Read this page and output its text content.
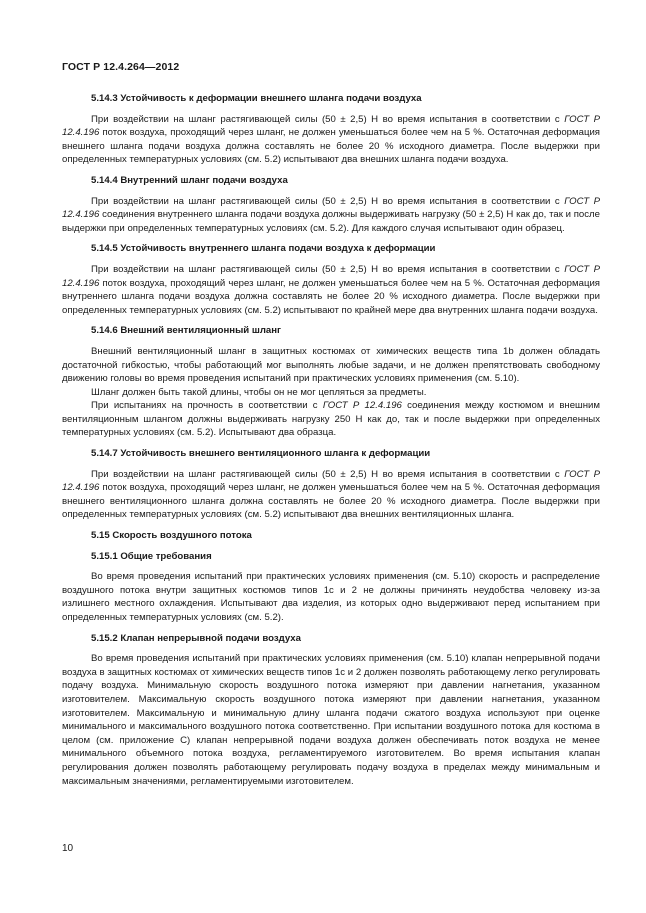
ГОСТ Р 12.4.264—2012
5.14.3 Устойчивость к деформации внешнего шланга подачи воздуха

При воздействии на шланг растягивающей силы (50 ± 2,5) Н во время испытания в соответствии с ГОСТ Р 12.4.196 поток воздуха, проходящий через шланг, не должен уменьшаться более чем на 5 %. Остаточная деформация внешнего шланга подачи воздуха должна составлять не более 20 % исходного диаметра. После выдержки при определенных температурных условиях (см. 5.2) испытывают два внешних шланга подачи воздуха.

5.14.4 Внутренний шланг подачи воздуха

При воздействии на шланг растягивающей силы (50 ± 2,5) Н во время испытания в соответствии с ГОСТ Р 12.4.196 соединения внутреннего шланга подачи воздуха должны выдерживать нагрузку (50 ± 2,5) Н как до, так и после выдержки при определенных температурных условиях (см. 5.2). Для каждого случая испытывают один образец.

5.14.5 Устойчивость внутреннего шланга подачи воздуха к деформации

При воздействии на шланг растягивающей силы (50 ± 2,5) Н во время испытания в соответствии с ГОСТ Р 12.4.196 поток воздуха, проходящий через шланг, не должен уменьшаться более чем на 5 %. Остаточная деформация внутреннего шланга подачи воздуха должна составлять не более 20 % исходного диаметра. После выдержки при определенных температурных условиях (см. 5.2) испытывают по крайней мере два внутренних шланга подачи воздуха.

5.14.6 Внешний вентиляционный шланг

Внешний вентиляционный шланг в защитных костюмах от химических веществ типа 1b должен обладать достаточной гибкостью, чтобы работающий мог выполнять любые задачи, и не должен препятствовать свободному движению головы во время проведения испытаний при практических условиях применения (см. 5.10).

Шланг должен быть такой длины, чтобы он не мог цепляться за предметы.

При испытаниях на прочность в соответствии с ГОСТ Р 12.4.196 соединения между костюмом и внешним вентиляционным шлангом должны выдерживать нагрузку 250 Н как до, так и после выдержки при определенных температурных условиях (см. 5.2). Испытывают два образца.

5.14.7 Устойчивость внешнего вентиляционного шланга к деформации

При воздействии на шланг растягивающей силы (50 ± 2,5) Н во время испытания в соответствии с ГОСТ Р 12.4.196 поток воздуха, проходящий через шланг, не должен уменьшаться более чем на 5 %. Остаточная деформация внешнего вентиляционного шланга должна составлять не более 20 % исходного диаметра. После выдержки при определенных температурных условиях (см. 5.2) испытывают два внешних вентиляционных шланга.

5.15 Скорость воздушного потока
5.15.1 Общие требования

Во время проведения испытаний при практических условиях применения (см. 5.10) скорость и распределение воздушного потока внутри защитных костюмов типов 1с и 2 не должны причинять неудобства человеку из-за излишнего местного охлаждения. Испытывают два изделия, из которых одно выдерживают перед испытанием при определенных температурных условиях (см. 5.2).

5.15.2 Клапан непрерывной подачи воздуха

Во время проведения испытаний при практических условиях применения (см. 5.10) клапан непрерывной подачи воздуха в защитных костюмах от химических веществ типов 1с и 2 должен позволять работающему легко регулировать подачу воздуха. Минимальную скорость воздушного потока измеряют при давлении нагнетания, указанном изготовителем. Максимальную скорость воздушного потока измеряют при давлении нагнетания, указанном изготовителем. Максимальную и минимальную длину шланга подачи сжатого воздуха используют при оценке минимального и максимального воздушного потока соответственно. При испытании воздушного потока для костюма в целом (см. приложение С) клапан непрерывной подачи воздуха должен обеспечивать поток воздуха не менее минимального объемного потока воздуха, регламентируемого изготовителем. Во время испытания клапан регулирования должен позволять работающему регулировать подачу воздуха в пределах между минимальным и максимальным значениями, регламентируемыми изготовителем.

10
